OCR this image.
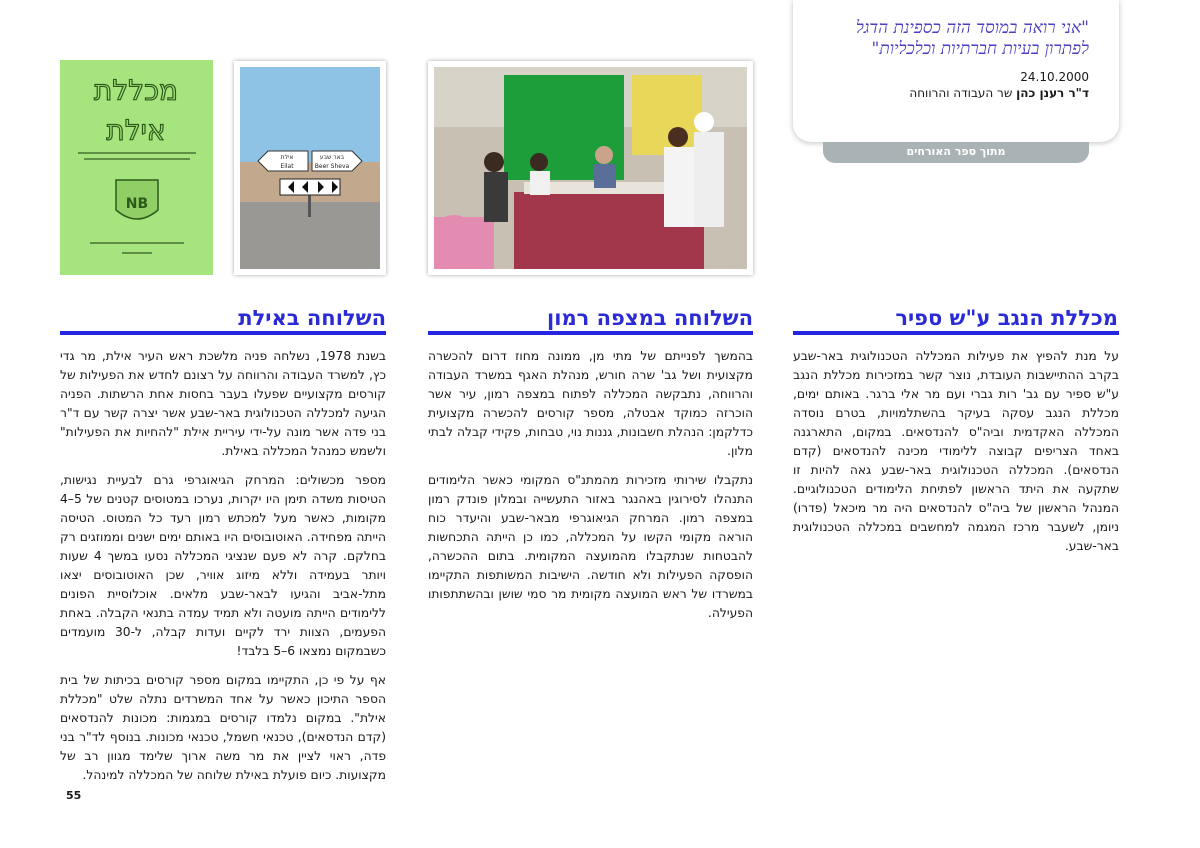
"אני רואה במוסד הזה כספינת הדגל לפתרון בעיות חברתיות וכלכליות"
24.10.2000
ד"ר רענן כהן שר העבודה והרווחה
מתוך ספר האורחים
מכללת
אילת
NB
אילת
Eilat
באר שבע
Beer Sheva
מכללת הנגב ע"ש ספיר

על מנת להפיץ את פעילות המכללה הטכנולוגית באר-שבע בקרב ההתיישבות העובדת, נוצר קשר במזכירות מכללת הנגב ע"ש ספיר עם גב' רות גברי ועם מר אלי ברגר. באותם ימים, מכללת הנגב עסקה בעיקר בהשתלמויות, בטרם נוסדה המכללה האקדמית וביה"ס להנדסאים. במקום, התארגנה באחד הצריפים קבוצה ללימודי מכינה להנדסאים (קדם הנדסאים). המכללה הטכנולוגית באר-שבע גאה להיות זו שתקעה את היתד הראשון לפתיחת הלימודים הטכנולוגיים. המנהל הראשון של ביה"ס להנדסאים היה מר מיכאל (פדרו) ניומן, לשעבר מרכז המגמה למחשבים במכללה הטכנולוגית באר-שבע.

השלוחה במצפה רמון

בהמשך לפנייתם של מתי מן, ממונה מחוז דרום להכשרה מקצועית ושל גב' שרה חורש, מנהלת האגף במשרד העבודה והרווחה, נתבקשה המכללה לפתוח במצפה רמון, עיר אשר הוכרזה כמוקד אבטלה, מספר קורסים להכשרה מקצועית כדלקמן: הנהלת חשבונות, גננות נוי, טבחות, פקידי קבלה לבתי מלון.

נתקבלו שירותי מזכירות מהמתנ"ס המקומי כאשר הלימודים התנהלו לסירוגין באהנגר באזור התעשייה ובמלון פונדק רמון במצפה רמון. המרחק הגיאוגרפי מבאר-שבע והיעדר כוח הוראה מקומי הקשו על המכללה, כמו כן הייתה התכחשות להבטחות שנתקבלו מהמועצה המקומית. בתום ההכשרה, הופסקה הפעילות ולא חודשה. הישיבות המשותפות התקיימו במשרדו של ראש המועצה מקומית מר סמי שושן ובהשתתפותו הפעילה.

השלוחה באילת

בשנת 1978, נשלחה פניה מלשכת ראש העיר אילת, מר גדי כץ, למשרד העבודה והרווחה על רצונם לחדש את הפעילות של קורסים מקצועיים שפעלו בעבר בחסות אחת הרשתות. הפניה הגיעה למכללה הטכנולוגית באר-שבע אשר יצרה קשר עם ד"ר בני פדה אשר מונה על-ידי עיריית אילת "להחיות את הפעילות" ולשמש כמנהל המכללה באילת.

מספר מכשולים: המרחק הגיאוגרפי גרם לבעיית נגישות, הטיסות משדה תימן היו יקרות, נערכו במטוסים קטנים של 5–4 מקומות, כאשר מעל למכתש רמון רעד כל המטוס. הטיסה הייתה מפחידה. האוטובוסים היו באותם ימים ישנים וממוזגים רק בחלקם. קרה לא פעם שנציגי המכללה נסעו במשך 4 שעות ויותר בעמידה וללא מיזוג אוויר, שכן האוטובוסים יצאו מתל-אביב והגיעו לבאר-שבע מלאים. אוכלוסיית הפונים ללימודים הייתה מועטה ולא תמיד עמדה בתנאי הקבלה. באחת הפעמים, הצוות ירד לקיים ועדות קבלה, ל-30 מועמדים כשבמקום נמצאו 6–5 בלבד!

אף על פי כן, התקיימו במקום מספר קורסים בכיתות של בית הספר התיכון כאשר על אחד המשרדים נתלה שלט "מכללת אילת". במקום נלמדו קורסים במגמות: מכונות להנדסאים (קדם הנדסאים), טכנאי חשמל, טכנאי מכונות. בנוסף לד"ר בני פדה, ראוי לציין את מר משה ארוך שלימד מגוון רב של מקצועות. כיום פועלת באילת שלוחה של המכללה למינהל.

55
